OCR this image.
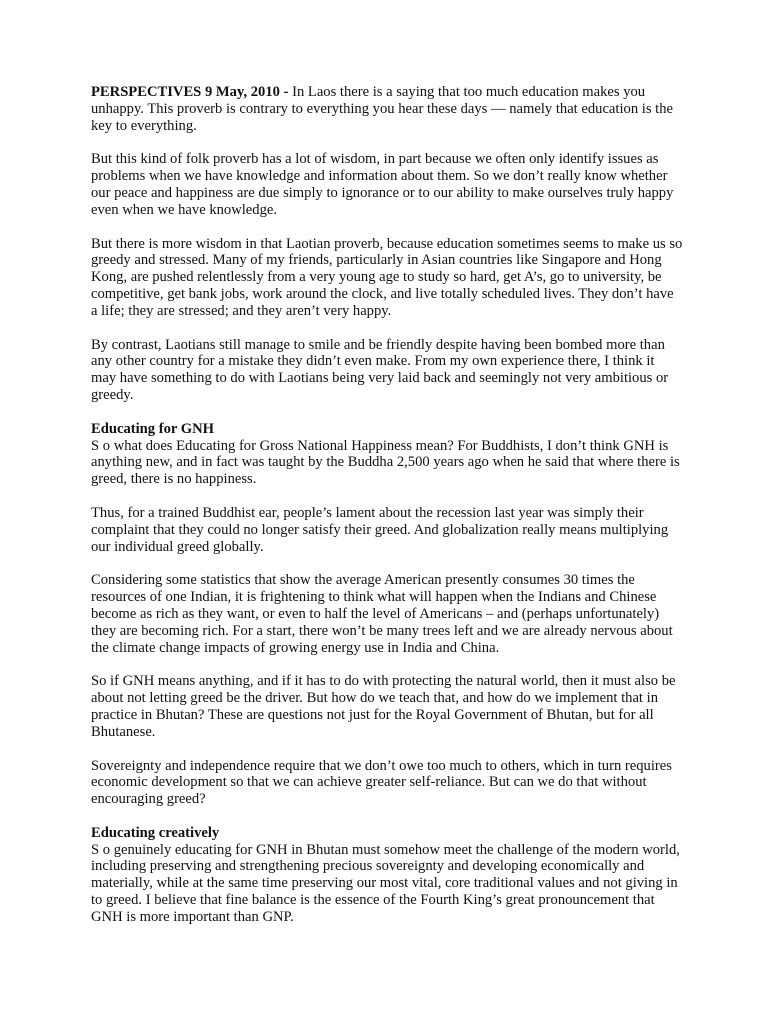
PERSPECTIVES 9 May, 2010 - In Laos there is a saying that too much education makes you unhappy. This proverb is contrary to everything you hear these days — namely that education is the key to everything.

But this kind of folk proverb has a lot of wisdom, in part because we often only identify issues as problems when we have knowledge and information about them. So we don’t really know whether our peace and happiness are due simply to ignorance or to our ability to make ourselves truly happy even when we have knowledge.

But there is more wisdom in that Laotian proverb, because education sometimes seems to make us so greedy and stressed. Many of my friends, particularly in Asian countries like Singapore and Hong Kong, are pushed relentlessly from a very young age to study so hard, get A’s, go to university, be competitive, get bank jobs, work around the clock, and live totally scheduled lives. They don’t have a life; they are stressed; and they aren’t very happy.

By contrast, Laotians still manage to smile and be friendly despite having been bombed more than any other country for a mistake they didn’t even make. From my own experience there, I think it may have something to do with Laotians being very laid back and seemingly not very ambitious or greedy.

Educating for GNH

S o what does Educating for Gross National Happiness mean? For Buddhists, I don’t think GNH is anything new, and in fact was taught by the Buddha 2,500 years ago when he said that where there is greed, there is no happiness.

Thus, for a trained Buddhist ear, people’s lament about the recession last year was simply their complaint that they could no longer satisfy their greed. And globalization really means multiplying our individual greed globally.

Considering some statistics that show the average American presently consumes 30 times the resources of one Indian, it is frightening to think what will happen when the Indians and Chinese become as rich as they want, or even to half the level of Americans – and (perhaps unfortunately) they are becoming rich. For a start, there won’t be many trees left and we are already nervous about the climate change impacts of growing energy use in India and China.

So if GNH means anything, and if it has to do with protecting the natural world, then it must also be about not letting greed be the driver. But how do we teach that, and how do we implement that in practice in Bhutan? These are questions not just for the Royal Government of Bhutan, but for all Bhutanese.

Sovereignty and independence require that we don’t owe too much to others, which in turn requires economic development so that we can achieve greater self-reliance. But can we do that without encouraging greed?

Educating creatively

S o genuinely educating for GNH in Bhutan must somehow meet the challenge of the modern world, including preserving and strengthening precious sovereignty and developing economically and materially, while at the same time preserving our most vital, core traditional values and not giving in to greed. I believe that fine balance is the essence of the Fourth King’s great pronouncement that GNH is more important than GNP.
